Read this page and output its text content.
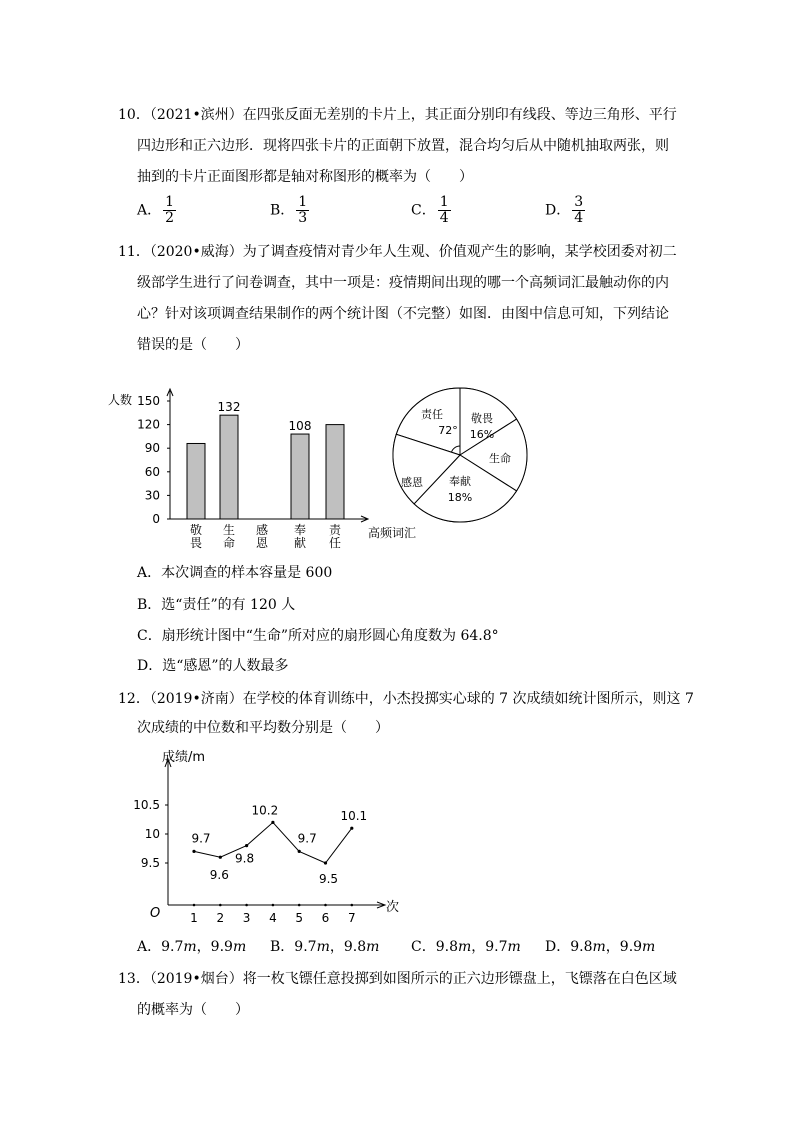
10．（2021•滨州）在四张反面无差别的卡片上，其正面分别印有线段、等边三角形、平行
四边形和正六边形．现将四张卡片的正面朝下放置，混合均匀后从中随机抽取两张，则
抽到的卡片正面图形都是轴对称图形的概率为（　　）
A． $\frac{1}{2}$	B． $\frac{1}{3}$	C． $\frac{1}{4}$	D． $\frac{3}{4}$
11．（2020•威海）为了调查疫情对青少年人生观、价值观产生的影响，某学校团委对初二
级部学生进行了问卷调查，其中一项是：疫情期间出现的哪一个高频词汇最触动你的内
心？针对该项调查结果制作的两个统计图（不完整）如图．由图中信息可知，下列结论
错误的是（　　）
人数
0
30
60
90
120
150
敬
畏
132
生
命
感
恩
108
奉
献
责
任
高频词汇
责任
72°
敬畏
16%
生命
感恩 奉献
18%
A．本次调查的样本容量是 600
B．选“责任”的有 120 人
C．扇形统计图中“生命”所对应的扇形圆心角度数为 64.8°
D．选“感恩”的人数最多
12．（2019•济南）在学校的体育训练中，小杰投掷实心球的 7 次成绩如统计图所示，则这 7
次成绩的中位数和平均数分别是（　　）
成绩/m
次
O
9.5
10
10.5
1 2 3 4 5 6 7
9.7
9.6
9.8
10.2
9.7
9.5
10.1
A．9.7m，9.9m B．9.7m，9.8m C．9.8m，9.7m D．9.8m，9.9m
13．（2019•烟台）将一枚飞镖任意投掷到如图所示的正六边形镖盘上，飞镖落在白色区域
的概率为（　　）
